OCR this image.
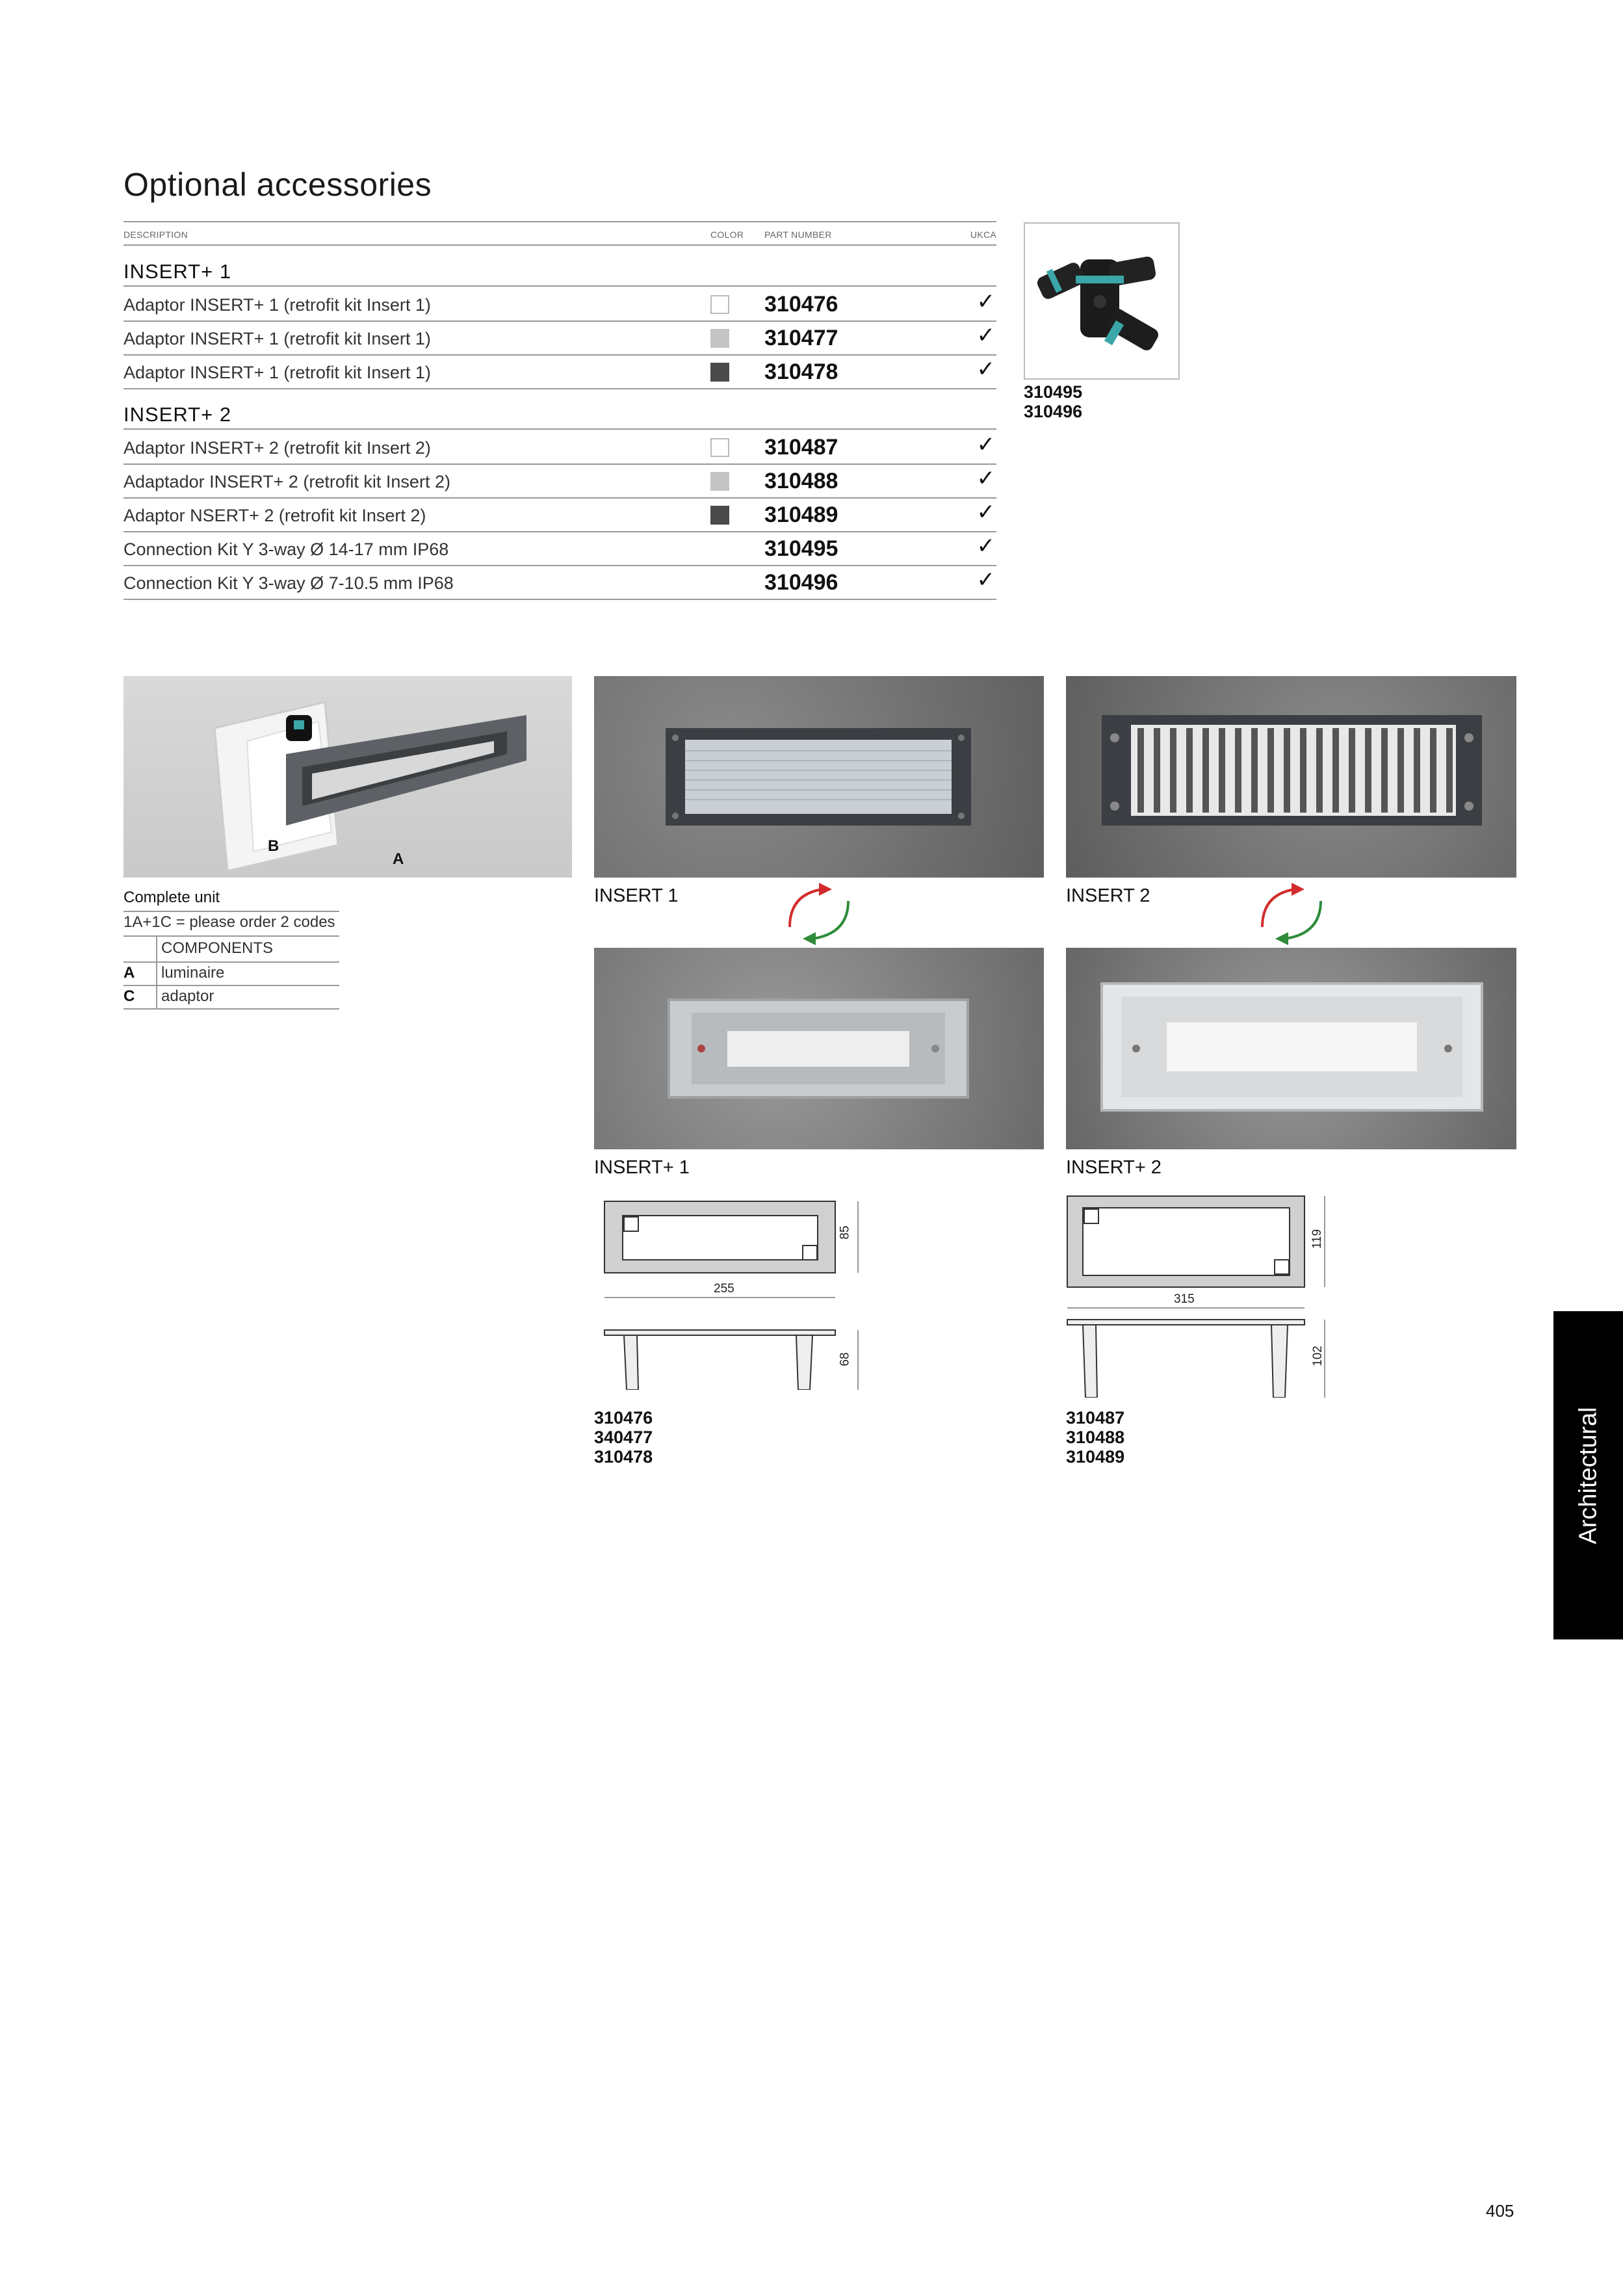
Optional accessories
DESCRIPTION	COLOR PART NUMBER	UKCA
INSERT+ 1
Adaptor INSERT+ 1 (retrofit kit Insert 1)	310476	✓
Adaptor INSERT+ 1 (retrofit kit Insert 1)	310477	✓
Adaptor INSERT+ 1 (retrofit kit Insert 1)	310478	✓
INSERT+ 2
Adaptor INSERT+ 2 (retrofit kit Insert 2)	310487	✓
Adaptador INSERT+ 2 (retrofit kit Insert 2)	310488	✓
Adaptor NSERT+ 2 (retrofit kit Insert 2)	310489	✓
Connection Kit Y 3-way Ø 14-17 mm IP68	310495	✓
Connection Kit Y 3-way Ø 7-10.5 mm IP68	310496	✓
310495
310496
B
A
Complete unit
1A+1C = please order 2 codes
COMPONENTS
A luminaire
C adaptor
INSERT 1	INSERT 2
INSERT+ 1	INSERT+ 2
255
85
68
310476
340477
310478
315
119
102
310487
310488
310489	Architectural
405
